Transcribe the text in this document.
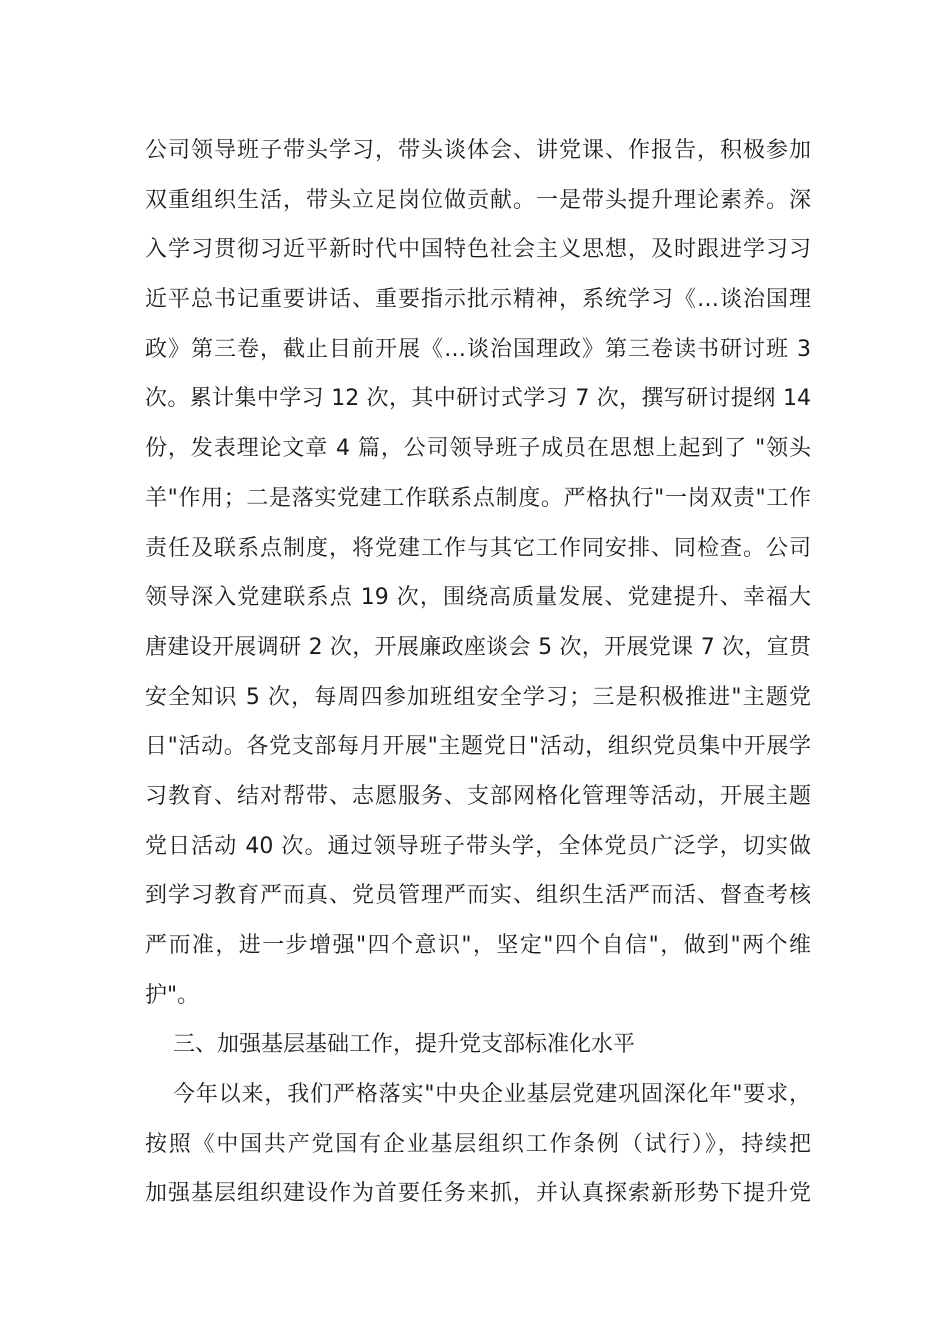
公司领导班子带头学习，带头谈体会、讲党课、作报告，积极参加
双重组织生活，带头立足岗位做贡献。一是带头提升理论素养。深
入学习贯彻习近平新时代中国特色社会主义思想，及时跟进学习习
近平总书记重要讲话、重要指示批示精神，系统学习《…谈治国理
政》第三卷，截止目前开展《…谈治国理政》第三卷读书研讨班 3
次。累计集中学习 12 次，其中研讨式学习 7 次，撰写研讨提纲 14
份，发表理论文章 4 篇，公司领导班子成员在思想上起到了 "领头
羊"作用；二是落实党建工作联系点制度。严格执行"一岗双责"工作
责任及联系点制度，将党建工作与其它工作同安排、同检查。公司
领导深入党建联系点 19 次，围绕高质量发展、党建提升、幸福大
唐建设开展调研 2 次，开展廉政座谈会 5 次，开展党课 7 次，宣贯
安全知识 5 次，每周四参加班组安全学习；三是积极推进"主题党
日"活动。各党支部每月开展"主题党日"活动，组织党员集中开展学
习教育、结对帮带、志愿服务、支部网格化管理等活动，开展主题
党日活动 40 次。通过领导班子带头学，全体党员广泛学，切实做
到学习教育严而真、党员管理严而实、组织生活严而活、督查考核
严而准，进一步增强"四个意识"，坚定"四个自信"，做到"两个维
护"。
三、加强基层基础工作，提升党支部标准化水平
今年以来，我们严格落实"中央企业基层党建巩固深化年"要求，
按照《中国共产党国有企业基层组织工作条例（试行）》，持续把
加强基层组织建设作为首要任务来抓，并认真探索新形势下提升党
